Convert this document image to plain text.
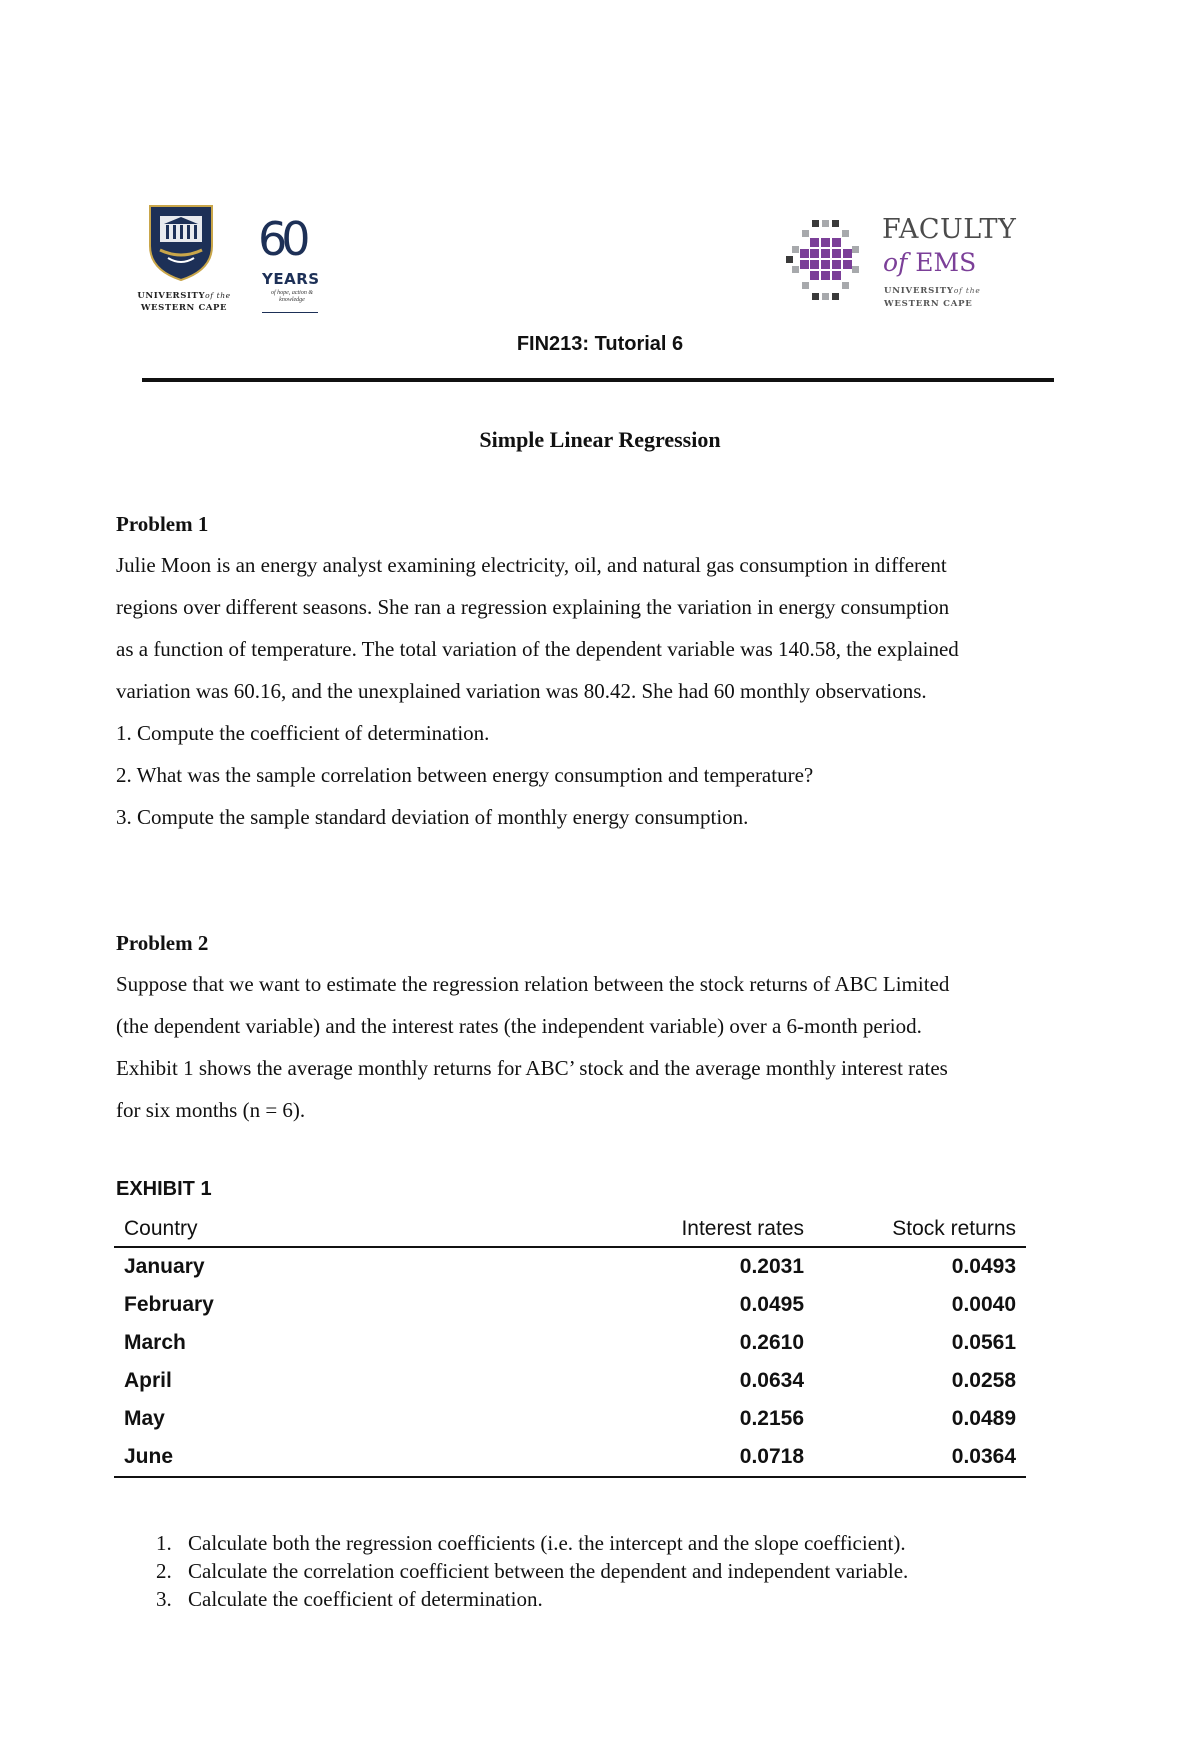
UNIVERSITYof the
WESTERN CAPE
60
YEARS
of hope, action & knowledge
FACULTY
of EMS
UNIVERSITYof the
WESTERN CAPE
FIN213: Tutorial 6
Simple Linear Regression
Problem 1
Julie Moon is an energy analyst examining electricity, oil, and natural gas consumption in different
regions over different seasons. She ran a regression explaining the variation in energy consumption
as a function of temperature. The total variation of the dependent variable was 140.58, the explained
variation was 60.16, and the unexplained variation was 80.42. She had 60 monthly observations.
1. Compute the coefficient of determination.
2. What was the sample correlation between energy consumption and temperature?
3. Compute the sample standard deviation of monthly energy consumption.
Problem 2
Suppose that we want to estimate the regression relation between the stock returns of ABC Limited
(the dependent variable) and the interest rates (the independent variable) over a 6-month period.
Exhibit 1 shows the average monthly returns for ABC’ stock and the average monthly interest rates
for six months (n = 6).
EXHIBIT 1
Country	Interest rates	Stock returns
January	0.2031	0.0493
February	0.0495	0.0040
March	0.2610	0.0561
April	0.0634	0.0258
May	0.2156	0.0489
June	0.0718	0.0364
1. Calculate both the regression coefficients (i.e. the intercept and the slope coefficient).
2. Calculate the correlation coefficient between the dependent and independent variable.
3. Calculate the coefficient of determination.
